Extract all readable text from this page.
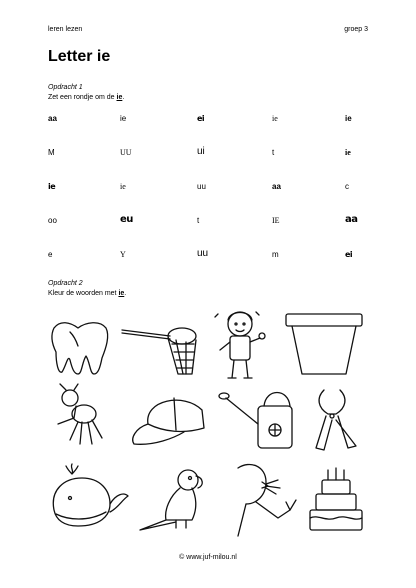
leren lezen	groep 3
Letter ie
Opdracht 1
Zet een rondje om de ie.
aa	ie	ei	ie	ie
M	UU	ui	t	ie
ie	ie	uu	aa	c
oo	eu	t	IE	aa
e	Y	uu	m	ei
Opdracht 2
Kleur de woorden met ie.
© www.juf-milou.nl
